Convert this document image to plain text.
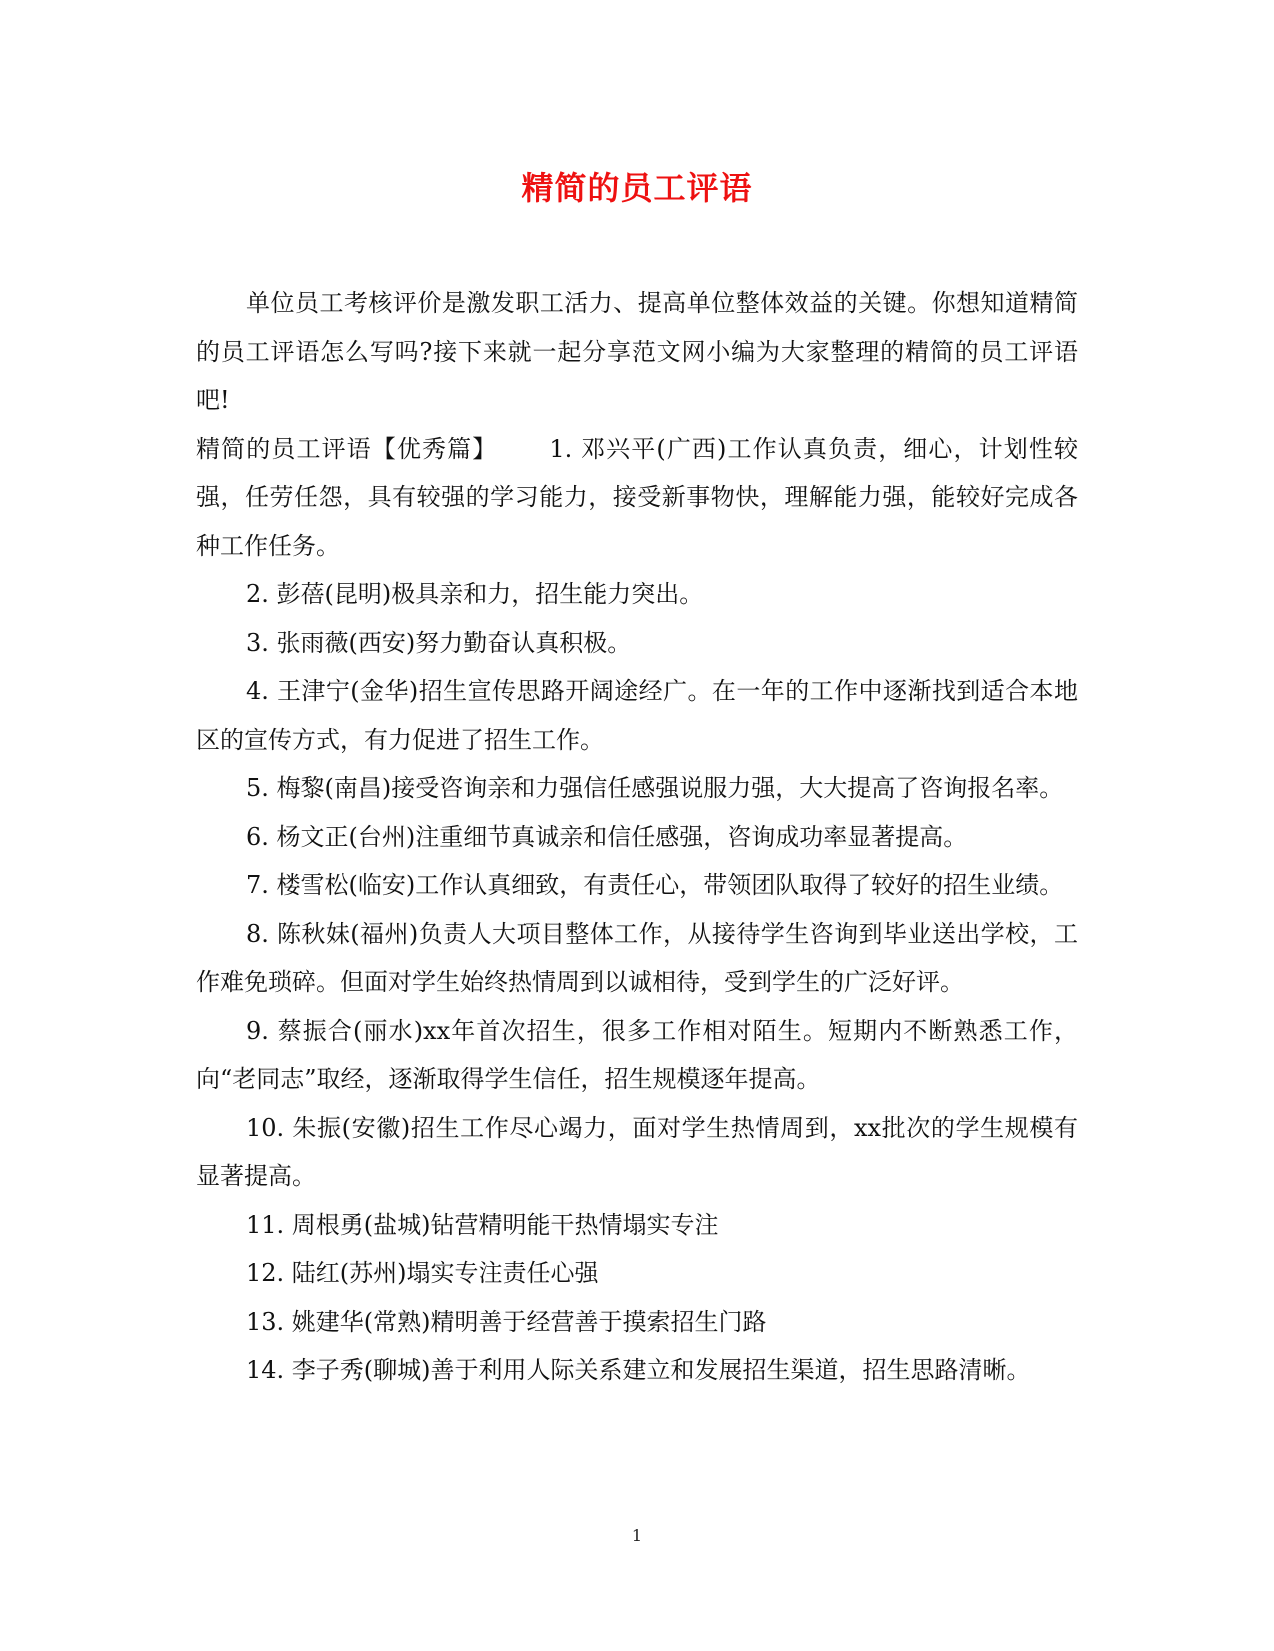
精简的员工评语

单位员工考核评价是激发职工活力、提高单位整体效益的关键。你想知道精简的员工评语怎么写吗?接下来就一起分享范文网小编为大家整理的精简的员工评语吧!

精简的员工评语【优秀篇】 1. 邓兴平(广西)工作认真负责，细心，计划性较强，任劳任怨，具有较强的学习能力，接受新事物快，理解能力强，能较好完成各种工作任务。

2. 彭蓓(昆明)极具亲和力，招生能力突出。

3. 张雨薇(西安)努力勤奋认真积极。

4. 王津宁(金华)招生宣传思路开阔途经广。在一年的工作中逐渐找到适合本地区的宣传方式，有力促进了招生工作。

5. 梅黎(南昌)接受咨询亲和力强信任感强说服力强，大大提高了咨询报名率。

6. 杨文正(台州)注重细节真诚亲和信任感强，咨询成功率显著提高。

7. 楼雪松(临安)工作认真细致，有责任心，带领团队取得了较好的招生业绩。

8. 陈秋妹(福州)负责人大项目整体工作，从接待学生咨询到毕业送出学校，工作难免琐碎。但面对学生始终热情周到以诚相待，受到学生的广泛好评。

9. 蔡振合(丽水)xx年首次招生，很多工作相对陌生。短期内不断熟悉工作，向“老同志”取经，逐渐取得学生信任，招生规模逐年提高。

10. 朱振(安徽)招生工作尽心竭力，面对学生热情周到，xx批次的学生规模有显著提高。

11. 周根勇(盐城)钻营精明能干热情塌实专注

12. 陆红(苏州)塌实专注责任心强

13. 姚建华(常熟)精明善于经营善于摸索招生门路

14. 李子秀(聊城)善于利用人际关系建立和发展招生渠道，招生思路清晰。

1
